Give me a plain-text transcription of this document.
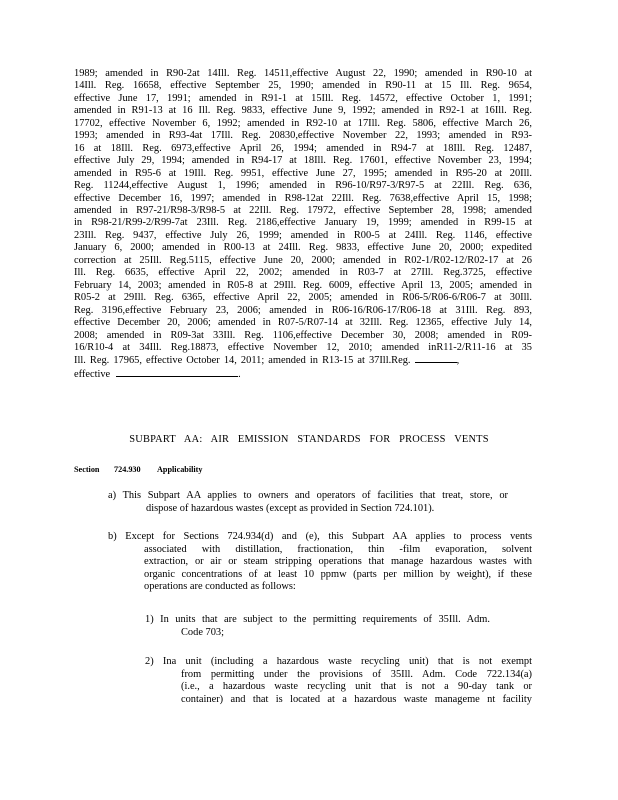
1989; amended in R90-2at 14Ill. Reg. 14511,effective August 22, 1990; amended in R90-10 at
14Ill. Reg. 16658, effective September 25, 1990; amended in R90-11 at 15 Ill. Reg. 9654,
effective June 17, 1991; amended in R91-1 at 15Ill. Reg. 14572, effective October 1, 1991;
amended in R91-13 at 16 Ill. Reg. 9833, effective June 9, 1992; amended in R92-1 at 16Ill. Reg.
17702, effective November 6, 1992; amended in R92-10 at 17Ill. Reg. 5806, effective March 26,
1993; amended in R93-4at 17Ill. Reg. 20830,effective November 22, 1993; amended in R93-
16 at 18Ill. Reg. 6973,effective April 26, 1994; amended in R94-7 at 18Ill. Reg. 12487,
effective July 29, 1994; amended in R94-17 at 18Ill. Reg. 17601, effective November 23, 1994;
amended in R95-6 at 19Ill. Reg. 9951, effective June 27, 1995; amended in R95-20 at 20Ill.
Reg. 11244,effective August 1, 1996; amended in R96-10/R97-3/R97-5 at 22Ill. Reg. 636,
effective December 16, 1997; amended in R98-12at 22Ill. Reg. 7638,effective April 15, 1998;
amended in R97-21/R98-3/R98-5 at 22Ill. Reg. 17972, effective September 28, 1998; amended
in R98-21/R99-2/R99-7at 23Ill. Reg. 2186,effective January 19, 1999; amended in R99-15 at
23Ill. Reg. 9437, effective July 26, 1999; amended in R00-5 at 24Ill. Reg. 1146, effective
January 6, 2000; amended in R00-13 at 24Ill. Reg. 9833, effective June 20, 2000; expedited
correction at 25Ill. Reg.5115, effective June 20, 2000; amended in R02-1/R02-12/R02-17 at 26
Ill. Reg. 6635, effective April 22, 2002; amended in R03-7 at 27Ill. Reg.3725, effective
February 14, 2003; amended in R05-8 at 29Ill. Reg. 6009, effective April 13, 2005; amended in
R05-2 at 29Ill. Reg. 6365, effective April 22, 2005; amended in R06-5/R06-6/R06-7 at 30Ill.
Reg. 3196,effective February 23, 2006; amended in R06-16/R06-17/R06-18 at 31Ill. Reg. 893,
effective December 20, 2006; amended in R07-5/R07-14 at 32Ill. Reg. 12365, effective July 14,
2008; amended in R09-3at 33Ill. Reg. 1106,effective December 30, 2008; amended in R09-
16/R10-4 at 34Ill. Reg.18873, effective November 12, 2010; amended inR11-2/R11-16 at 35
Ill. Reg. 17965, effective October 14, 2011; amended in R13-15 at 37Ill.Reg.	,
effective	.
SUBPART AA: AIR EMISSION STANDARDS FOR PROCESS VENTS
Section 724.930 Applicability
a) This Subpart AA applies to owners and operators of facilities that treat, store, or
dispose of hazardous wastes (except as provided in Section 724.101).
b) Except for Sections 724.934(d) and (e), this Subpart AA applies to process vents
associated with distillation, fractionation, thin -film evaporation, solvent
extraction, or air or steam stripping operations that manage hazardous wastes with
organic concentrations of at least 10 ppmw (parts per million by weight), if these
operations are conducted as follows:
1) In units that are subject to the permitting requirements of 35Ill. Adm.
Code 703;
2) Ina unit (including a hazardous waste recycling unit) that is not exempt
from permitting under the provisions of 35Ill. Adm. Code 722.134(a)
(i.e., a hazardous waste recycling unit that is not a 90-day tank or
container) and that is located at a hazardous waste manageme nt facility
